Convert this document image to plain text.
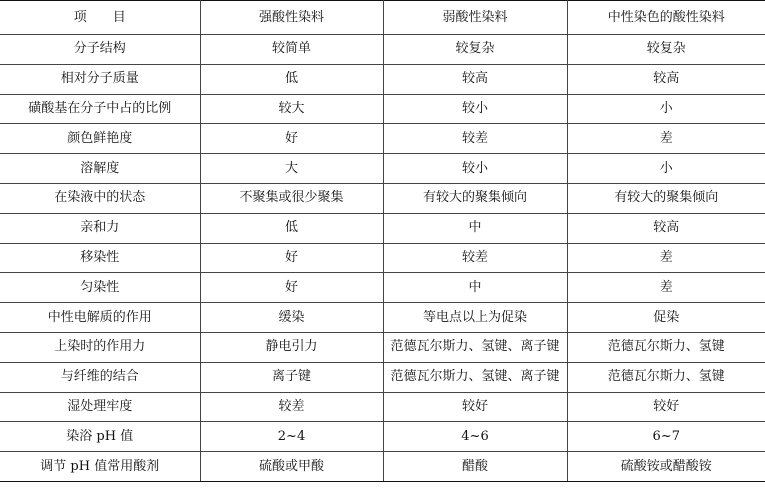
项　　目	强酸性染料	弱酸性染料	中性染色的酸性染料
分子结构	较简单	较复杂	较复杂
相对分子质量	低	较高	较高
磺酸基在分子中占的比例	较大	较小	小
颜色鲜艳度	好	较差	差
溶解度	大	较小	小
在染液中的状态	不聚集或很少聚集	有较大的聚集倾向	有较大的聚集倾向
亲和力	低	中	较高
移染性	好	较差	差
匀染性	好	中	差
中性电解质的作用	缓染	等电点以上为促染	促染
上染时的作用力	静电引力	范德瓦尔斯力、氢键、离子键	范德瓦尔斯力、氢键
与纤维的结合	离子键	范德瓦尔斯力、氢键、离子键	范德瓦尔斯力、氢键
湿处理牢度	较差	较好	较好
染浴 pH 值	2~4	4~6	6~7
调节 pH 值常用酸剂	硫酸或甲酸	醋酸	硫酸铵或醋酸铵
